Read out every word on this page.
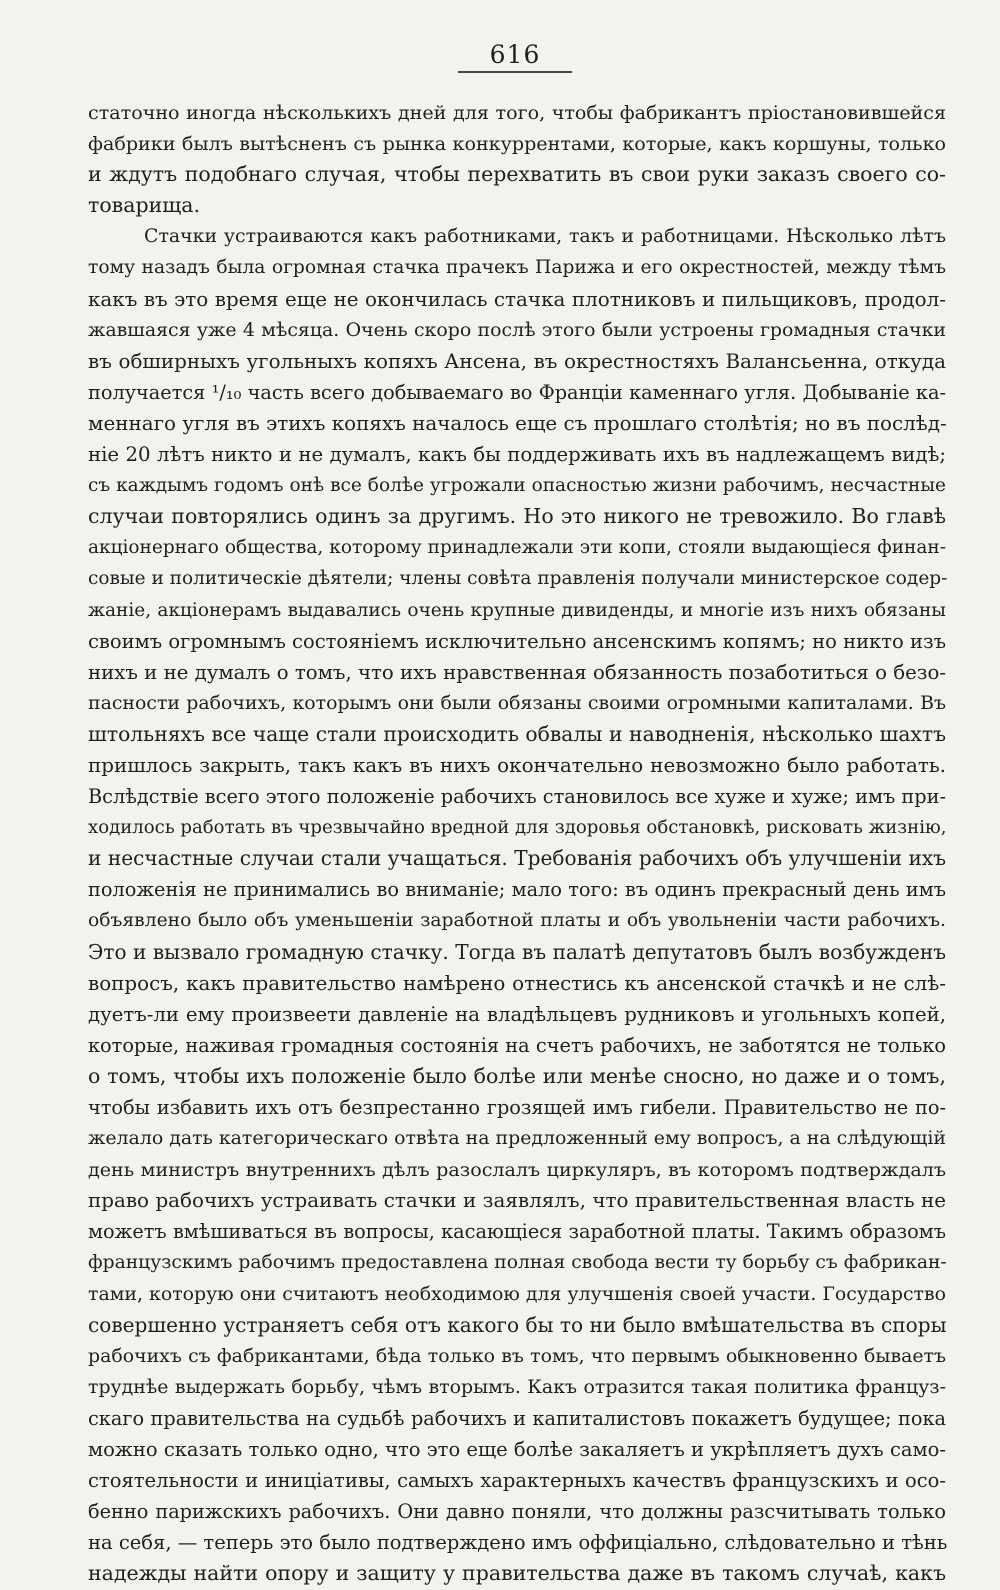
616
статочно иногда нѣсколькихъ дней для того, чтобы фабрикантъ пріостановившейся
фабрики былъ вытѣсненъ съ рынка конкуррентами, которые, какъ коршуны, только
и ждутъ подобнаго случая, чтобы перехватить въ свои руки заказъ своего со-
товарища.
Стачки устраиваются какъ работниками, такъ и работницами. Нѣсколько лѣтъ
тому назадъ была огромная стачка прачекъ Парижа и его окрестностей, между тѣмъ
какъ въ это время еще не окончилась стачка плотниковъ и пильщиковъ, продол-
жавшаяся уже 4 мѣсяца. Очень скоро послѣ этого были устроены громадныя стачки
въ обширныхъ угольныхъ копяхъ Ансена, въ окрестностяхъ Валансьенна, откуда
получается ¹/₁₀ часть всего добываемаго во Франціи каменнаго угля. Добываніе ка-
меннаго угля въ этихъ копяхъ началось еще съ прошлаго столѣтія; но въ послѣд-
ніе 20 лѣтъ никто и не думалъ, какъ бы поддерживать ихъ въ надлежащемъ видѣ;
съ каждымъ годомъ онѣ все болѣе угрожали опасностью жизни рабочимъ, несчастные
случаи повторялись одинъ за другимъ. Но это никого не тревожило. Во главѣ
акціонернаго общества, которому принадлежали эти копи, стояли выдающіеся финан-
совые и политическіе дѣятели; члены совѣта правленія получали министерское содер-
жаніе, акціонерамъ выдавались очень крупные дивиденды, и многіе изъ нихъ обязаны
своимъ огромнымъ состояніемъ исключительно ансенскимъ копямъ; но никто изъ
нихъ и не думалъ о томъ, что ихъ нравственная обязанность позаботиться о безо-
пасности рабочихъ, которымъ они были обязаны своими огромными капиталами. Въ
штольняхъ все чаще стали происходить обвалы и наводненія, нѣсколько шахтъ
пришлось закрыть, такъ какъ въ нихъ окончательно невозможно было работать.
Вслѣдствіе всего этого положеніе рабочихъ становилось все хуже и хуже; имъ при-
ходилось работать въ чрезвычайно вредной для здоровья обстановкѣ, рисковать жизнію,
и несчастные случаи стали учащаться. Требованія рабочихъ объ улучшеніи ихъ
положенія не принимались во вниманіе; мало того: въ одинъ прекрасный день имъ
объявлено было объ уменьшеніи заработной платы и объ увольненіи части рабочихъ.
Это и вызвало громадную стачку. Тогда въ палатѣ депутатовъ былъ возбужденъ
вопросъ, какъ правительство намѣрено отнестись къ ансенской стачкѣ и не слѣ-
дуетъ-ли ему произвеети давленіе на владѣльцевъ рудниковъ и угольныхъ копей,
которые, наживая громадныя состоянія на счетъ рабочихъ, не заботятся не только
о томъ, чтобы ихъ положеніе было болѣе или менѣе сносно, но даже и о томъ,
чтобы избавить ихъ отъ безпрестанно грозящей имъ гибели. Правительство не по-
желало дать категорическаго отвѣта на предложенный ему вопросъ, а на слѣдующій
день министръ внутреннихъ дѣлъ разослалъ циркуляръ, въ которомъ подтверждалъ
право рабочихъ устраивать стачки и заявлялъ, что правительственная власть не
можетъ вмѣшиваться въ вопросы, касающіеся заработной платы. Такимъ образомъ
французскимъ рабочимъ предоставлена полная свобода вести ту борьбу съ фабрикан-
тами, которую они считаютъ необходимою для улучшенія своей участи. Государство
совершенно устраняетъ себя отъ какого бы то ни было вмѣшательства въ споры
рабочихъ съ фабрикантами, бѣда только въ томъ, что первымъ обыкновенно бываетъ
труднѣе выдержать борьбу, чѣмъ вторымъ. Какъ отразится такая политика француз-
скаго правительства на судьбѣ рабочихъ и капиталистовъ покажетъ будущее; пока
можно сказать только одно, что это еще болѣе закаляетъ и укрѣпляетъ духъ само-
стоятельности и иниціативы, самыхъ характерныхъ качествъ французскихъ и осо-
бенно парижскихъ рабочихъ. Они давно поняли, что должны разсчитывать только
на себя, — теперь это было подтверждено имъ оффиціально, слѣдовательно и тѣнь
надежды найти опору и защиту у правительства даже въ такомъ случаѣ, какъ
